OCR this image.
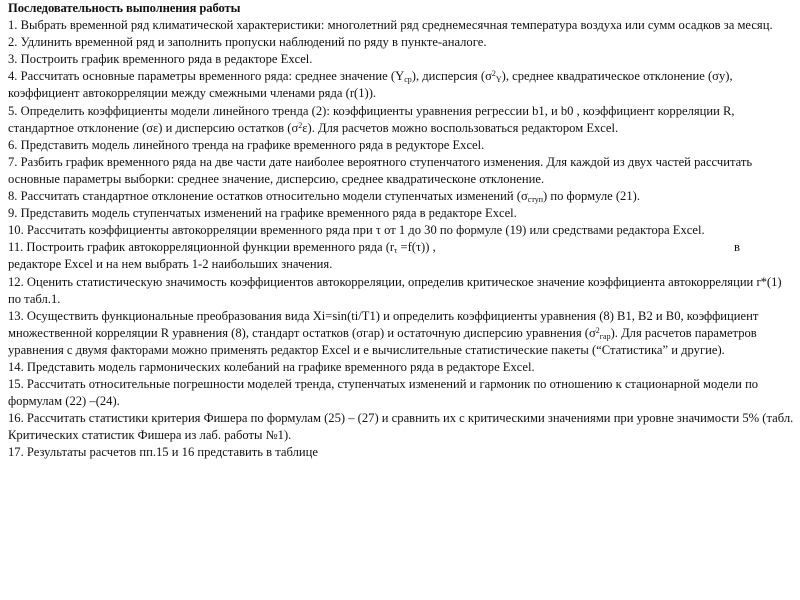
Последовательность выполнения работы

1. Выбрать временной ряд климатической характеристики: многолетний ряд среднемесячная температура воздуха или сумм осадков за месяц.

2. Удлинить временной ряд и заполнить пропуски наблюдений по ряду в пункте-аналоге.

3. Построить график временного ряда в редакторе Excel.

4. Рассчитать основные параметры временного ряда: среднее значение $(Y_{ср})$, дисперсия $(\sigma^2_Y)$, среднее квадратическое отклонение (σy), коэффициент автокорреляции между смежными членами ряда (r(1)).

5. Определить коэффициенты модели линейного тренда (2): коэффициенты уравнения регрессии b1, и b0 , коэффициент корреляции R, стандартное отклонение (σε) и дисперсию остатков $(\sigma^2\varepsilon)$. Для расчетов можно воспользоваться редактором Excel.

6. Представить модель линейного тренда на графике временного ряда в редукторе Excel.

7. Разбить график временного ряда на две части дате наиболее вероятного ступенчатого изменения. Для каждой из двух частей рассчитать основные параметры выборки: среднее значение, дисперсию, среднее квадратическоне отклонение.

8. Рассчитать стандартное отклонение остатков относительно модели ступенчатых изменений $(\sigma_{ступ})$ по формуле (21).

9. Представить модель ступенчатых изменений на графике временного ряда в редакторе Excel.

10. Рассчитать коэффициенты автокорреляции временного ряда при τ от 1 до 30 по формуле (19) или средствами редактора Excel.

в
11. Построить график автокорреляционной функции временного ряда $(r_\tau =f(\tau))$ ,
редакторе Excel и на нем выбрать 1-2 наибольших значения.

12. Оценить статистическую значимость коэффициентов автокорреляции, определив критическое значение коэффициента автокорреляции r*(1) по табл.1.

13. Осуществить функциональные преобразования вида Xi=sin(ti/T1) и определить коэффициенты уравнения (8) B1, B2 и B0, коэффициент множественной корреляции R уравнения (8), стандарт остатков (σгар) и остаточную дисперсию уравнения $(\sigma^2_{гар})$. Для расчетов параметров уравнения с двумя факторами можно применять редактор Excel и е вычислительные статистические пакеты (“Статистика” и другие).

14. Представить модель гармонических колебаний на графике временного ряда в редакторе Excel.

15. Рассчитать относительные погрешности моделей тренда, ступенчатых изменений и гармоник по отношению к стационарной модели по формулам (22) –(24).

16. Рассчитать статистики критерия Фишера по формулам (25) – (27) и сравнить их с критическими значениями при уровне значимости 5% (табл. Критических статистик Фишера из лаб. работы №1).

17. Результаты расчетов пп.15 и 16 представить в таблице
